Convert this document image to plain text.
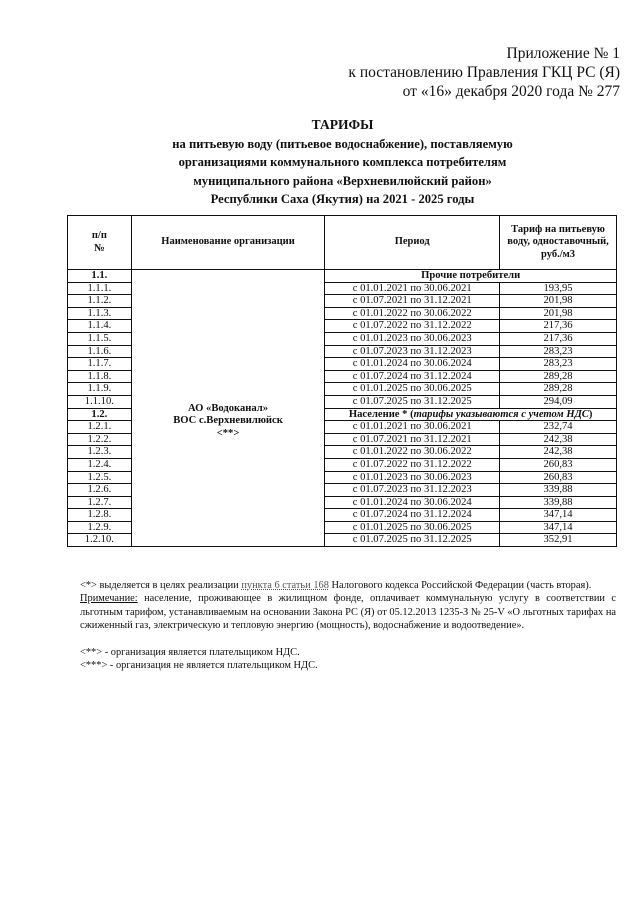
Приложение № 1
к постановлению Правления ГКЦ РС (Я)
от «16» декабря 2020 года № 277
ТАРИФЫ
на питьевую воду (питьевое водоснабжение), поставляемую
организациями коммунального комплекса потребителям
муниципального района «Верхневилюйский район»
Республики Саха (Якутия) на 2021 - 2025 годы
п/п
№	Наименование организации	Период	Тариф на питьевую воду, одноставочный, руб./м3
1.1.	АО «Водоканал»
ВОС с.Верхневилюйск
<**>	Прочие потребители	
1.1.1.		с 01.01.2021 по 30.06.2021	193,95
1.1.2.		с 01.07.2021 по 31.12.2021	201,98
1.1.3.		с 01.01.2022 по 30.06.2022	201,98
1.1.4.		с 01.07.2022 по 31.12.2022	217,36
1.1.5.		с 01.01.2023 по 30.06.2023	217,36
1.1.6.		с 01.07.2023 по 31.12.2023	283,23
1.1.7.		с 01.01.2024 по 30.06.2024	283,23
1.1.8.		с 01.07.2024 по 31.12.2024	289,28
1.1.9.		с 01.01.2025 по 30.06.2025	289,28
1.1.10.		с 01.07.2025 по 31.12.2025	294,09
1.2.		Население * (тарифы указываются с учетом НДС)	
1.2.1.		с 01.01.2021 по 30.06.2021	232,74
1.2.2.		с 01.07.2021 по 31.12.2021	242,38
1.2.3.		с 01.01.2022 по 30.06.2022	242,38
1.2.4.		с 01.07.2022 по 31.12.2022	260,83
1.2.5.		с 01.01.2023 по 30.06.2023	260,83
1.2.6.		с 01.07.2023 по 31.12.2023	339,88
1.2.7.		с 01.01.2024 по 30.06.2024	339,88
1.2.8.		с 01.07.2024 по 31.12.2024	347,14
1.2.9.		с 01.01.2025 по 30.06.2025	347,14
1.2.10.		с 01.07.2025 по 31.12.2025	352,91

<*> выделяется в целях реализации пункта 6 статьи 168 Налогового кодекса Российской Федерации (часть вторая).

Примечание: население, проживающее в жилищном фонде, оплачивает коммунальную услугу в соответствии с льготным тарифом, устанавливаемым на основании Закона РС (Я) от 05.12.2013 1235-З № 25-V «О льготных тарифах на сжиженный газ, электрическую и тепловую энергию (мощность), водоснабжение и водоотведение».

<**> - организация является плательщиком НДС.

<***> - организация не является плательщиком НДС.
